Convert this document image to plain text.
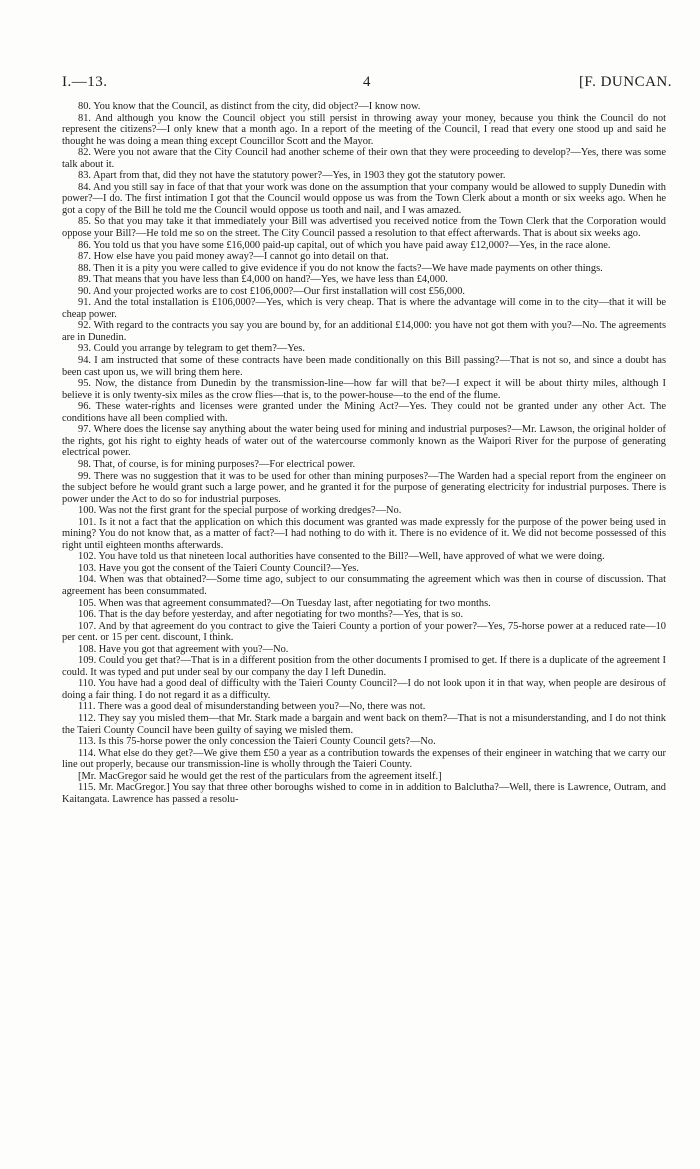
I.—13.	4	[F. DUNCAN.

80. You know that the Council, as distinct from the city, did object?—I know now.

81. And although you know the Council object you still persist in throwing away your money, because you think the Council do not represent the citizens?—I only knew that a month ago. In a report of the meeting of the Council, I read that every one stood up and said he thought he was doing a mean thing except Councillor Scott and the Mayor.

82. Were you not aware that the City Council had another scheme of their own that they were proceeding to develop?—Yes, there was some talk about it.

83. Apart from that, did they not have the statutory power?—Yes, in 1903 they got the statutory power.

84. And you still say in face of that that your work was done on the assumption that your company would be allowed to supply Dunedin with power?—I do. The first intimation I got that the Council would oppose us was from the Town Clerk about a month or six weeks ago. When he got a copy of the Bill he told me the Council would oppose us tooth and nail, and I was amazed.

85. So that you may take it that immediately your Bill was advertised you received notice from the Town Clerk that the Corporation would oppose your Bill?—He told me so on the street. The City Council passed a resolution to that effect afterwards. That is about six weeks ago.

86. You told us that you have some £16,000 paid-up capital, out of which you have paid away £12,000?—Yes, in the race alone.

87. How else have you paid money away?—I cannot go into detail on that.

88. Then it is a pity you were called to give evidence if you do not know the facts?—We have made payments on other things.

89. That means that you have less than £4,000 on hand?—Yes, we have less than £4,000.

90. And your projected works are to cost £106,000?—Our first installation will cost £56,000.

91. And the total installation is £106,000?—Yes, which is very cheap. That is where the advantage will come in to the city—that it will be cheap power.

92. With regard to the contracts you say you are bound by, for an additional £14,000: you have not got them with you?—No. The agreements are in Dunedin.

93. Could you arrange by telegram to get them?—Yes.

94. I am instructed that some of these contracts have been made conditionally on this Bill passing?—That is not so, and since a doubt has been cast upon us, we will bring them here.

95. Now, the distance from Dunedin by the transmission-line—how far will that be?—I expect it will be about thirty miles, although I believe it is only twenty-six miles as the crow flies—that is, to the power-house—to the end of the flume.

96. These water-rights and licenses were granted under the Mining Act?—Yes. They could not be granted under any other Act. The conditions have all been complied with.

97. Where does the license say anything about the water being used for mining and industrial purposes?—Mr. Lawson, the original holder of the rights, got his right to eighty heads of water out of the watercourse commonly known as the Waipori River for the purpose of generating electrical power.

98. That, of course, is for mining purposes?—For electrical power.

99. There was no suggestion that it was to be used for other than mining purposes?—The Warden had a special report from the engineer on the subject before he would grant such a large power, and he granted it for the purpose of generating electricity for industrial purposes. There is power under the Act to do so for industrial purposes.

100. Was not the first grant for the special purpose of working dredges?—No.

101. Is it not a fact that the application on which this document was granted was made expressly for the purpose of the power being used in mining? You do not know that, as a matter of fact?—I had nothing to do with it. There is no evidence of it. We did not become possessed of this right until eighteen months afterwards.

102. You have told us that nineteen local authorities have consented to the Bill?—Well, have approved of what we were doing.

103. Have you got the consent of the Taieri County Council?—Yes.

104. When was that obtained?—Some time ago, subject to our consummating the agreement which was then in course of discussion. That agreement has been consummated.

105. When was that agreement consummated?—On Tuesday last, after negotiating for two months.

106. That is the day before yesterday, and after negotiating for two months?—Yes, that is so.

107. And by that agreement do you contract to give the Taieri County a portion of your power?—Yes, 75-horse power at a reduced rate—10 per cent. or 15 per cent. discount, I think.

108. Have you got that agreement with you?—No.

109. Could you get that?—That is in a different position from the other documents I promised to get. If there is a duplicate of the agreement I could. It was typed and put under seal by our company the day I left Dunedin.

110. You have had a good deal of difficulty with the Taieri County Council?—I do not look upon it in that way, when people are desirous of doing a fair thing. I do not regard it as a difficulty.

111. There was a good deal of misunderstanding between you?—No, there was not.

112. They say you misled them—that Mr. Stark made a bargain and went back on them?—That is not a misunderstanding, and I do not think the Taieri County Council have been guilty of saying we misled them.

113. Is this 75-horse power the only concession the Taieri County Council gets?—No.

114. What else do they get?—We give them £50 a year as a contribution towards the expenses of their engineer in watching that we carry our line out properly, because our transmission-line is wholly through the Taieri County.

[Mr. MacGregor said he would get the rest of the particulars from the agreement itself.]

115. Mr. MacGregor.] You say that three other boroughs wished to come in in addition to Balclutha?—Well, there is Lawrence, Outram, and Kaitangata. Lawrence has passed a resolu-
